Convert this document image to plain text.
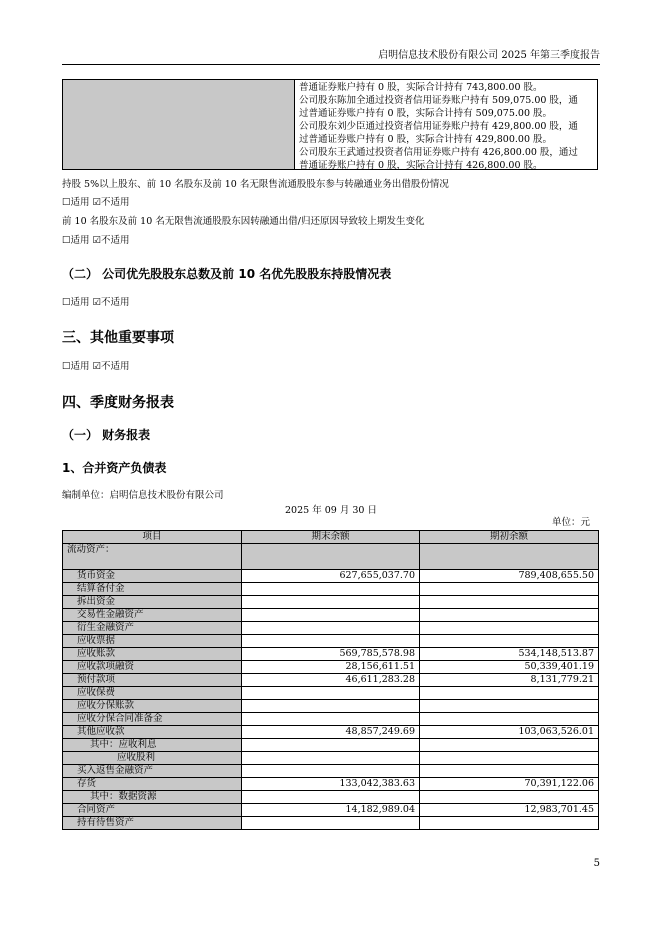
启明信息技术股份有限公司 2025 年第三季度报告
普通证券账户持有 0 股，实际合计持有 743,800.00 股。
公司股东陈加全通过投资者信用证券账户持有 509,075.00 股，通
过普通证券账户持有 0 股，实际合计持有 509,075.00 股。
公司股东刘少臣通过投资者信用证券账户持有 429,800.00 股，通
过普通证券账户持有 0 股，实际合计持有 429,800.00 股。
公司股东王武通过投资者信用证券账户持有 426,800.00 股，通过
普通证券账户持有 0 股，实际合计持有 426,800.00 股。
持股 5%以上股东、前 10 名股东及前 10 名无限售流通股股东参与转融通业务出借股份情况
☐适用 ☑不适用
前 10 名股东及前 10 名无限售流通股股东因转融通出借/归还原因导致较上期发生变化
☐适用 ☑不适用
（二） 公司优先股股东总数及前 10 名优先股股东持股情况表
☐适用 ☑不适用
三、其他重要事项
☐适用 ☑不适用
四、季度财务报表
（一） 财务报表
1、合并资产负债表
编制单位：启明信息技术股份有限公司
2025 年 09 月 30 日
单位：元
项目	期末余额	期初余额
流动资产：		
货币资金	627,655,037.70	789,408,655.50
结算备付金		
拆出资金		
交易性金融资产		
衍生金融资产		
应收票据		
应收账款	569,785,578.98	534,148,513.87
应收款项融资	28,156,611.51	50,339,401.19
预付款项	46,611,283.28	8,131,779.21
应收保费		
应收分保账款		
应收分保合同准备金		
其他应收款	48,857,249.69	103,063,526.01
其中：应收利息		
应收股利		
买入返售金融资产		
存货	133,042,383.63	70,391,122.06
其中：数据资源		
合同资产	14,182,989.04	12,983,701.45
持有待售资产		
5
